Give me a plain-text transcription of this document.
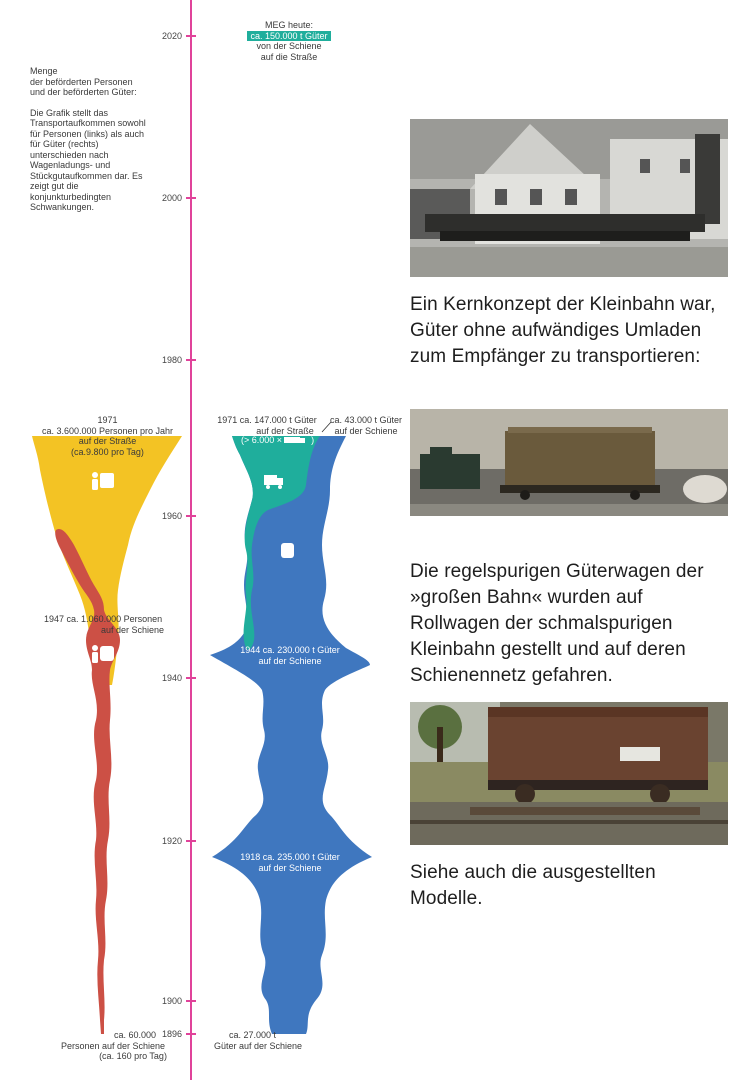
2020
2000
1980
1960
1940
1920
1900
1896
Menge
der beförderten Personen
und der beförderten Güter:
Die Grafik stellt das Transportaufkommen sowohl für Personen (links) als auch für Güter (rechts) unterschieden nach Wagenladungs- und Stückgutaufkommen dar. Es zeigt gut die konjunkturbedingten Schwankungen.
MEG heute:
ca. 150.000 t Güter
von der Schiene
auf die Straße
1971
ca. 3.600.000 Personen pro Jahr
auf der Straße
(ca.9.800 pro Tag)
1947 ca. 1.060.000 Personen
auf der Schiene
ca. 60.000
Personen auf der Schiene
(ca. 160 pro Tag)
1971 ca. 147.000 t Güter
auf der Straße
ca. 43.000 t Güter
auf der Schiene
(> 6.000 ×	)
1944 ca. 230.000 t Güter
auf der Schiene
1918 ca. 235.000 t Güter
auf der Schiene
ca. 27.000 t
Güter auf der Schiene
Ein Kernkonzept der Kleinbahn war, Güter ohne aufwändiges Umladen zum Empfänger zu transportieren:
Die regelspurigen Güterwagen der »großen Bahn« wurden auf Rollwagen der schmalspurigen Kleinbahn gestellt und auf deren Schienennetz gefahren.
Siehe auch die ausgestellten Modelle.
